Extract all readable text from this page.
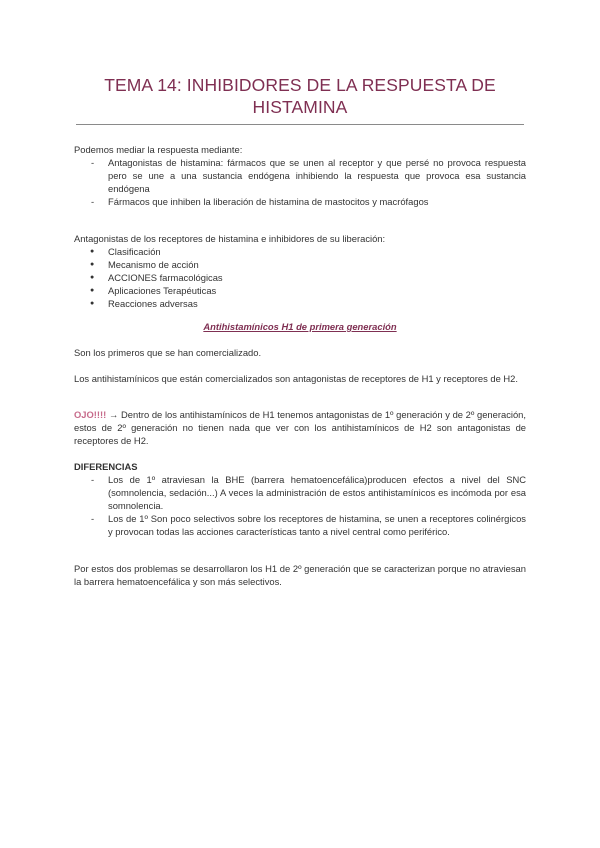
TEMA 14: INHIBIDORES DE LA RESPUESTA DE HISTAMINA

Podemos mediar la respuesta mediante:

- Antagonistas de histamina: fármacos que se unen al receptor y que persé no provoca respuesta pero se une a una sustancia endógena inhibiendo la respuesta que provoca esa sustancia endógena
- Fármacos que inhiben la liberación de histamina de mastocitos y macrófagos

Antagonistas de los receptores de histamina e inhibidores de su liberación:

● Clasificación
● Mecanismo de acción
● ACCIONES farmacológicas
● Aplicaciones Terapéuticas
● Reacciones adversas
Antihistamínicos H1 de primera generación
Son los primeros que se han comercializado.
Los antihistamínicos que están comercializados son antagonistas de receptores de H1 y receptores de H2.
OJO!!!! → Dentro de los antihistamínicos de H1 tenemos antagonistas de 1º generación y de 2º generación, estos de 2º generación no tienen nada que ver con los antihistamínicos de H2 son antagonistas de receptores de H2.

DIFERENCIAS

- Los de 1º atraviesan la BHE (barrera hematoencefálica)producen efectos a nivel del SNC (somnolencia, sedación...) A veces la administración de estos antihistamínicos es incómoda por esa somnolencia.
- Los de 1º Son poco selectivos sobre los receptores de histamina, se unen a receptores colinérgicos y provocan todas las acciones características tanto a nivel central como periférico.
Por estos dos problemas se desarrollaron los H1 de 2º generación que se caracterizan porque no atraviesan la barrera hematoencefálica y son más selectivos.
